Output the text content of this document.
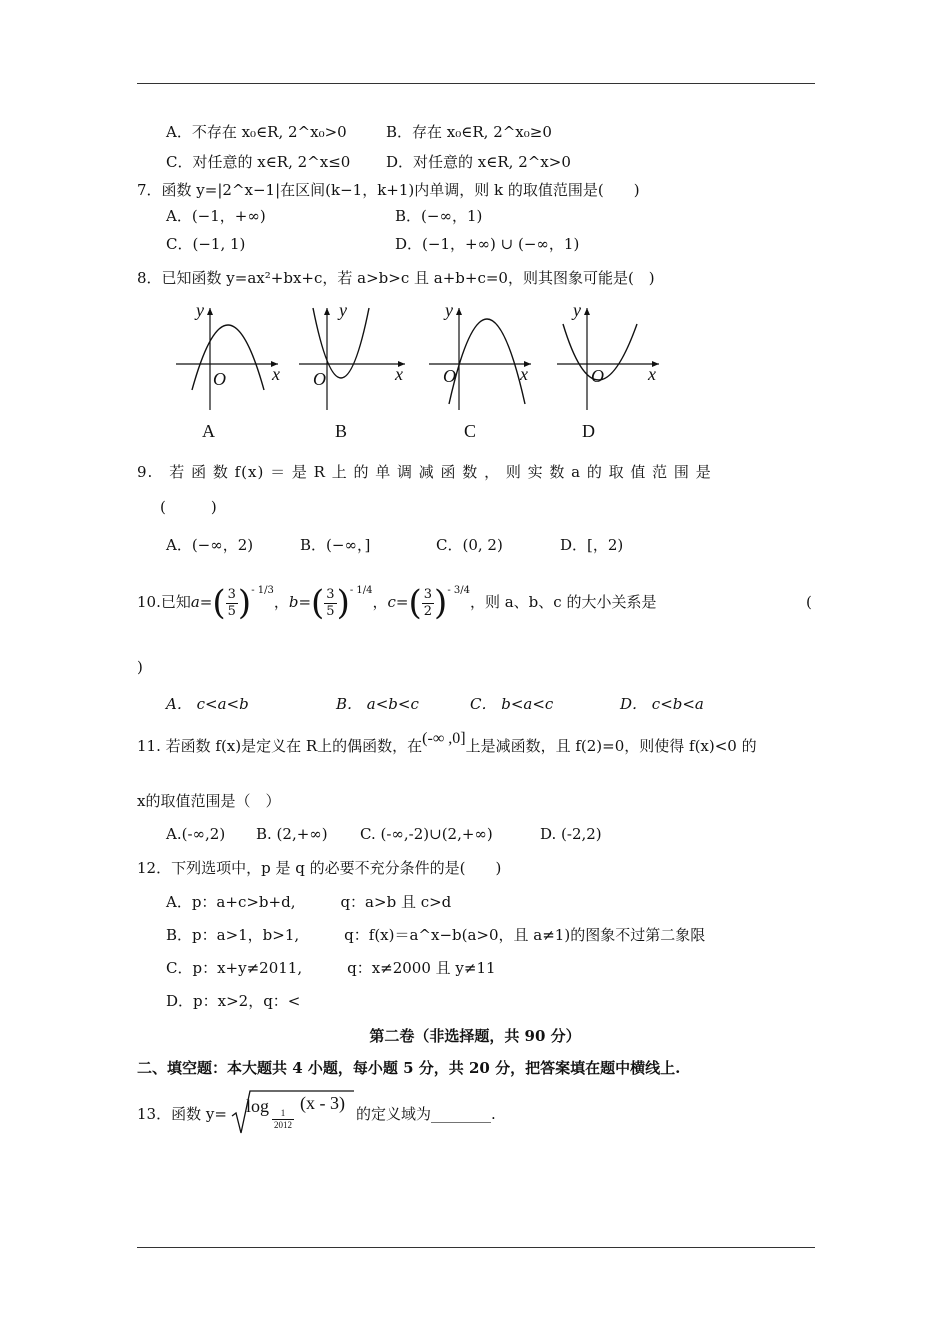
A．不存在 x₀∈R, 2^x₀>0	B．存在 x₀∈R, 2^x₀≥0
C．对任意的 x∈R, 2^x≤0 D．对任意的 x∈R, 2^x>0
7．函数 y=|2^x−1|在区间(k−1，k+1)内单调，则 k 的取值范围是(　　)
A．(−1，+∞)	B．(−∞，1)
C．(−1, 1)	D．(−1，+∞) ∪ (−∞，1)
8．已知函数 y=ax²+bx+c，若 a>b>c 且 a+b+c=0，则其图象可能是(　)
y
x
O
A
y
x
O
B
y
x
O
C
y
x
O
D
9.　若 函 数 f(x) ＝ 是 R 上 的 单 调 减 函 数 ， 则 实 数 a 的 取 值 范 围 是
(　　　)
A．(−∞，2)	B．(−∞，]	C．(0, 2)	D．[，2)
10.已知$a=( \frac{3}{5} )^{- 1/3}$，$b=( \frac{3}{5} )^{- 1/4}$，$c=( \frac{3}{2} )^{- 3/4}$，则 a、b、c 的大小关系是	(
)
A． c<a<b	B． a<b<c	C． b<a<c	D． c<b<a
11. 若函数 f(x)是定义在 R上的偶函数，在(-∞ ,0]上是减函数，且 f(2)=0，则使得 f(x)<0 的
x的取值范围是（　）
A.(-∞,2) B. (2,+∞) C. (-∞,-2)∪(2,+∞)	D. (-2,2)
12．下列选项中，p 是 q 的必要不充分条件的是(　　)
A．p：a+c>b+d,　　　q：a>b 且 c>d
B．p：a>1，b>1,　　　q：f(x)＝a^x−b(a>0，且 a≠1)的图象不过第二象限
C．p：x+y≠2011,　　　q：x≠2000 且 y≠11
D．p：x>2，q：<
第二卷（非选择题，共 90 分）
二、填空题：本大题共 4 小题，每小题 5 分，共 20 分，把答案填在题中横线上.
13．函数 y= log
$\frac{1}{2012}$
(x - 3)
的定义域为________.
